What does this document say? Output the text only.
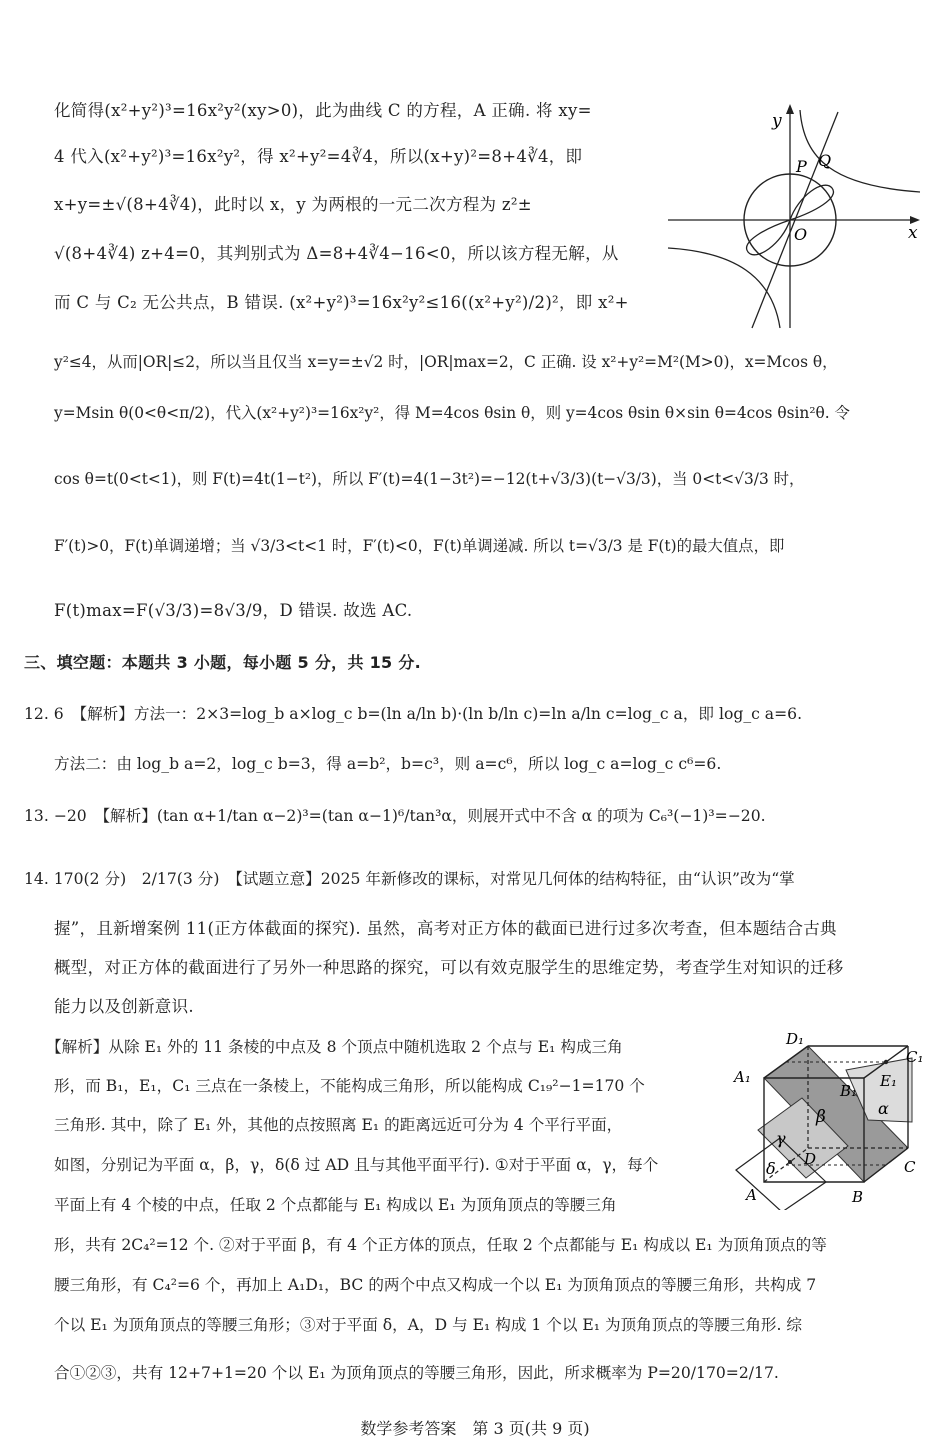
化简得(x²+y²)³=16x²y²(xy>0)，此为曲线 C 的方程，A 正确. 将 xy=
4 代入(x²+y²)³=16x²y²，得 x²+y²=4∛4，所以(x+y)²=8+4∛4，即
x+y=±√(8+4∛4)，此时以 x，y 为两根的一元二次方程为 z²±
√(8+4∛4) z+4=0，其判别式为 Δ=8+4∛4−16<0，所以该方程无解，从
而 C 与 C₂ 无公共点，B 错误. (x²+y²)³=16x²y²≤16((x²+y²)/2)²，即 x²+
y²≤4，从而|OR|≤2，所以当且仅当 x=y=±√2 时，|OR|max=2，C 正确. 设 x²+y²=M²(M>0)，x=Mcos θ，
y=Msin θ(0<θ<π/2)，代入(x²+y²)³=16x²y²，得 M=4cos θsin θ，则 y=4cos θsin θ×sin θ=4cos θsin²θ. 令
cos θ=t(0<t<1)，则 F(t)=4t(1−t²)，所以 F′(t)=4(1−3t²)=−12(t+√3/3)(t−√3/3)，当 0<t<√3/3 时，
F′(t)>0，F(t)单调递增；当 √3/3<t<1 时，F′(t)<0，F(t)单调递减. 所以 t=√3/3 是 F(t)的最大值点，即
F(t)max=F(√3/3)=8√3/9，D 错误. 故选 AC.
y
x
O
P Q
三、填空题：本题共 3 小题，每小题 5 分，共 15 分.
12. 6　【解析】方法一：2×3=log_b a×log_c b=(ln a/ln b)·(ln b/ln c)=ln a/ln c=log_c a，即 log_c a=6.
方法二：由 log_b a=2，log_c b=3，得 a=b²，b=c³，则 a=c⁶，所以 log_c a=log_c c⁶=6.
13. −20　【解析】(tan α+1/tan α−2)³=(tan α−1)⁶/tan³α，则展开式中不含 α 的项为 C₆³(−1)³=−20.
14. 170(2 分)　2/17(3 分)　【试题立意】2025 年新修改的课标，对常见几何体的结构特征，由“认识”改为“掌
握”，且新增案例 11(正方体截面的探究). 虽然，高考对正方体的截面已进行过多次考查，但本题结合古典
概型，对正方体的截面进行了另外一种思路的探究，可以有效克服学生的思维定势，考查学生对知识的迁移
能力以及创新意识.
【解析】从除 E₁ 外的 11 条棱的中点及 8 个顶点中随机选取 2 个点与 E₁ 构成三角
形，而 B₁，E₁，C₁ 三点在一条棱上，不能构成三角形，所以能构成 C₁₉²−1=170 个
三角形. 其中，除了 E₁ 外，其他的点按照离 E₁ 的距离远近可分为 4 个平行平面，
如图，分别记为平面 α，β，γ，δ(δ 过 AD 且与其他平面平行). ①对于平面 α，γ，每个
平面上有 4 个棱的中点，任取 2 个点都能与 E₁ 构成以 E₁ 为顶角顶点的等腰三角
形，共有 2C₄²=12 个. ②对于平面 β，有 4 个正方体的顶点，任取 2 个点都能与 E₁ 构成以 E₁ 为顶角顶点的等
腰三角形，有 C₄²=6 个，再加上 A₁D₁，BC 的两个中点又构成一个以 E₁ 为顶角顶点的等腰三角形，共构成 7
个以 E₁ 为顶角顶点的等腰三角形；③对于平面 δ，A，D 与 E₁ 构成 1 个以 E₁ 为顶角顶点的等腰三角形. 综
合①②③，共有 12+7+1=20 个以 E₁ 为顶角顶点的等腰三角形，因此，所求概率为 P=20/170=2/17.
D₁
C₁
A₁
B₁
E₁
α
β
γ
δ D	C
A	B
数学参考答案　第 3 页(共 9 页)
